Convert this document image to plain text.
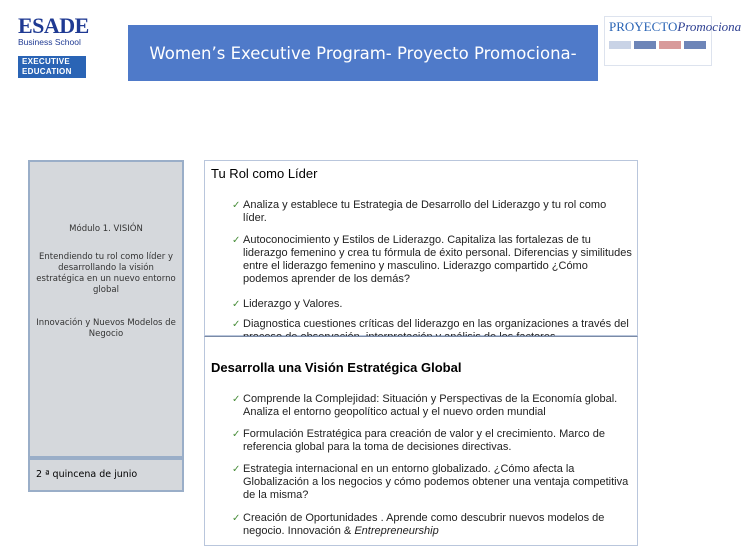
ESADE
Business School
EXECUTIVE
EDUCATION
Women’s Executive Program- Proyecto Promociona-
PROYECTOPromociona
Módulo 1. VISIÓN
Entendiendo tu rol como líder y desarrollando la visión estratégica en un nuevo entorno global
Innovación y Nuevos Modelos de Negocio
2 ª quincena de junio
Tu Rol como Líder
✓ Analiza y establece tu Estrategia de Desarrollo del Liderazgo y tu rol como líder.
✓ Autoconocimiento y Estilos de Liderazgo. Capitaliza las fortalezas de tu liderazgo femenino y crea tu fórmula de éxito personal. Diferencias y similitudes entre el liderazgo femenino y masculino. Liderazgo compartido ¿Cómo podemos aprender de los demás?
✓ Liderazgo y Valores.
✓ Diagnostica cuestiones críticas del liderazgo en las organizaciones a través del
Desarrolla una Visión Estratégica Global
✓ Comprende la Complejidad: Situación y Perspectivas de la Economía global. Analiza el entorno geopolítico actual y el nuevo orden mundial
✓ Formulación Estratégica para creación de valor y el crecimiento. Marco de referencia global para la toma de decisiones directivas.
✓ Estrategia internacional en un entorno globalizado. ¿Cómo afecta la Globalización a los negocios y cómo podemos obtener una ventaja competitiva de la misma?
✓ Creación de Oportunidades . Aprende como descubrir nuevos modelos de negocio. Innovación & Entrepreneurship
